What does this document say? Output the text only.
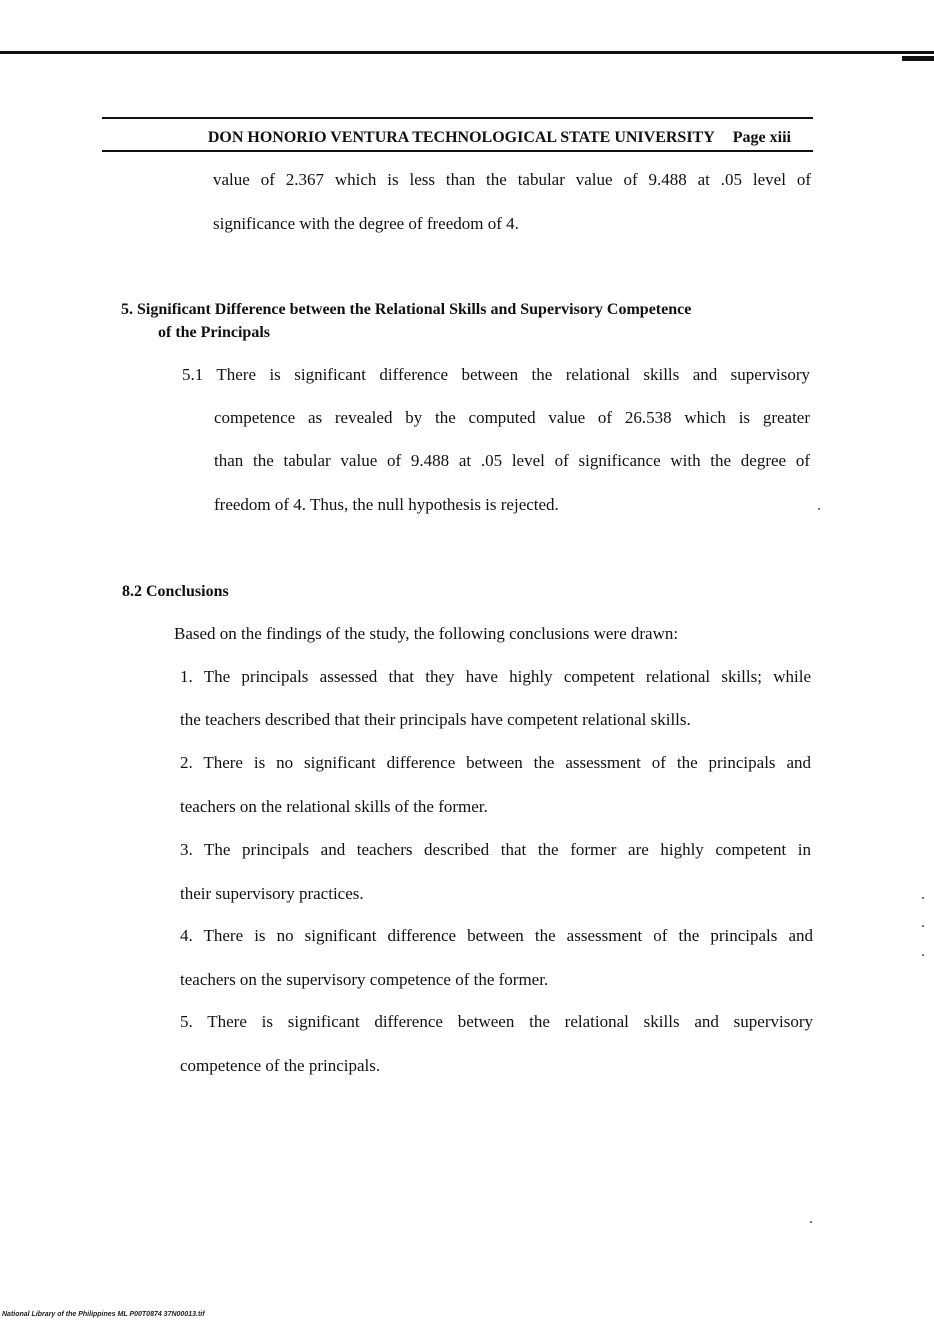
DON HONORIO VENTURA TECHNOLOGICAL STATE UNIVERSITY Page xiii

value of 2.367 which is less than the tabular value of 9.488 at .05 level of

significance with the degree of freedom of 4.

5. Significant Difference between the Relational Skills and Supervisory Competence

of the Principals

5.1 There is significant difference between the relational skills and supervisory

competence as revealed by the computed value of 26.538 which is greater

than the tabular value of 9.488 at .05 level of significance with the degree of

freedom of 4. Thus, the null hypothesis is rejected.

8.2 Conclusions

Based on the findings of the study, the following conclusions were drawn:

1. The principals assessed that they have highly competent relational skills; while

the teachers described that their principals have competent relational skills.

2. There is no significant difference between the assessment of the principals and

teachers on the relational skills of the former.

3. The principals and teachers described that the former are highly competent in

their supervisory practices.

4. There is no significant difference between the assessment of the principals and

teachers on the supervisory competence of the former.

5. There is significant difference between the relational skills and supervisory

competence of the principals.

National Library of the Philippines ML P00T0874 37N00013.tif
